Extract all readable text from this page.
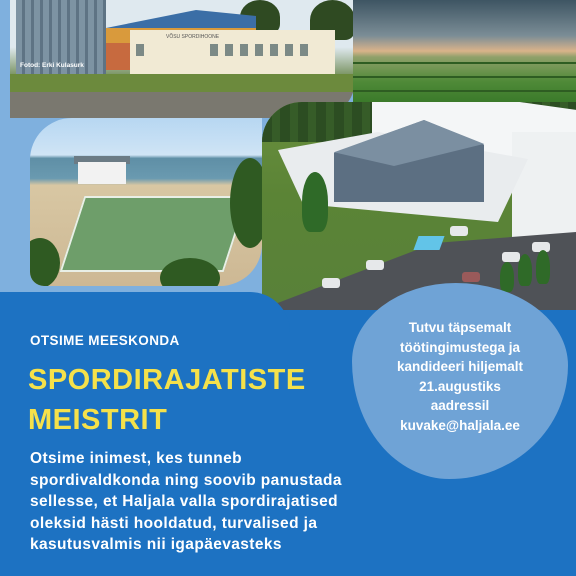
VÕSU SPORDIHOONE
Fotod: Erki Kulasurk
Tutvu täpsemalt
töötingimustega ja
kandideeri hiljemalt
21.augustiks
aadressil
kuvake@haljala.ee
OTSIME MEESKONDA
SPORDIRAJATISTE
MEISTRIT
Otsime inimest, kes tunneb spordivaldkonda ning soovib panustada sellesse, et Haljala valla spordirajatised oleksid hästi hooldatud, turvalised ja kasutusvalmis nii igapäevasteks
